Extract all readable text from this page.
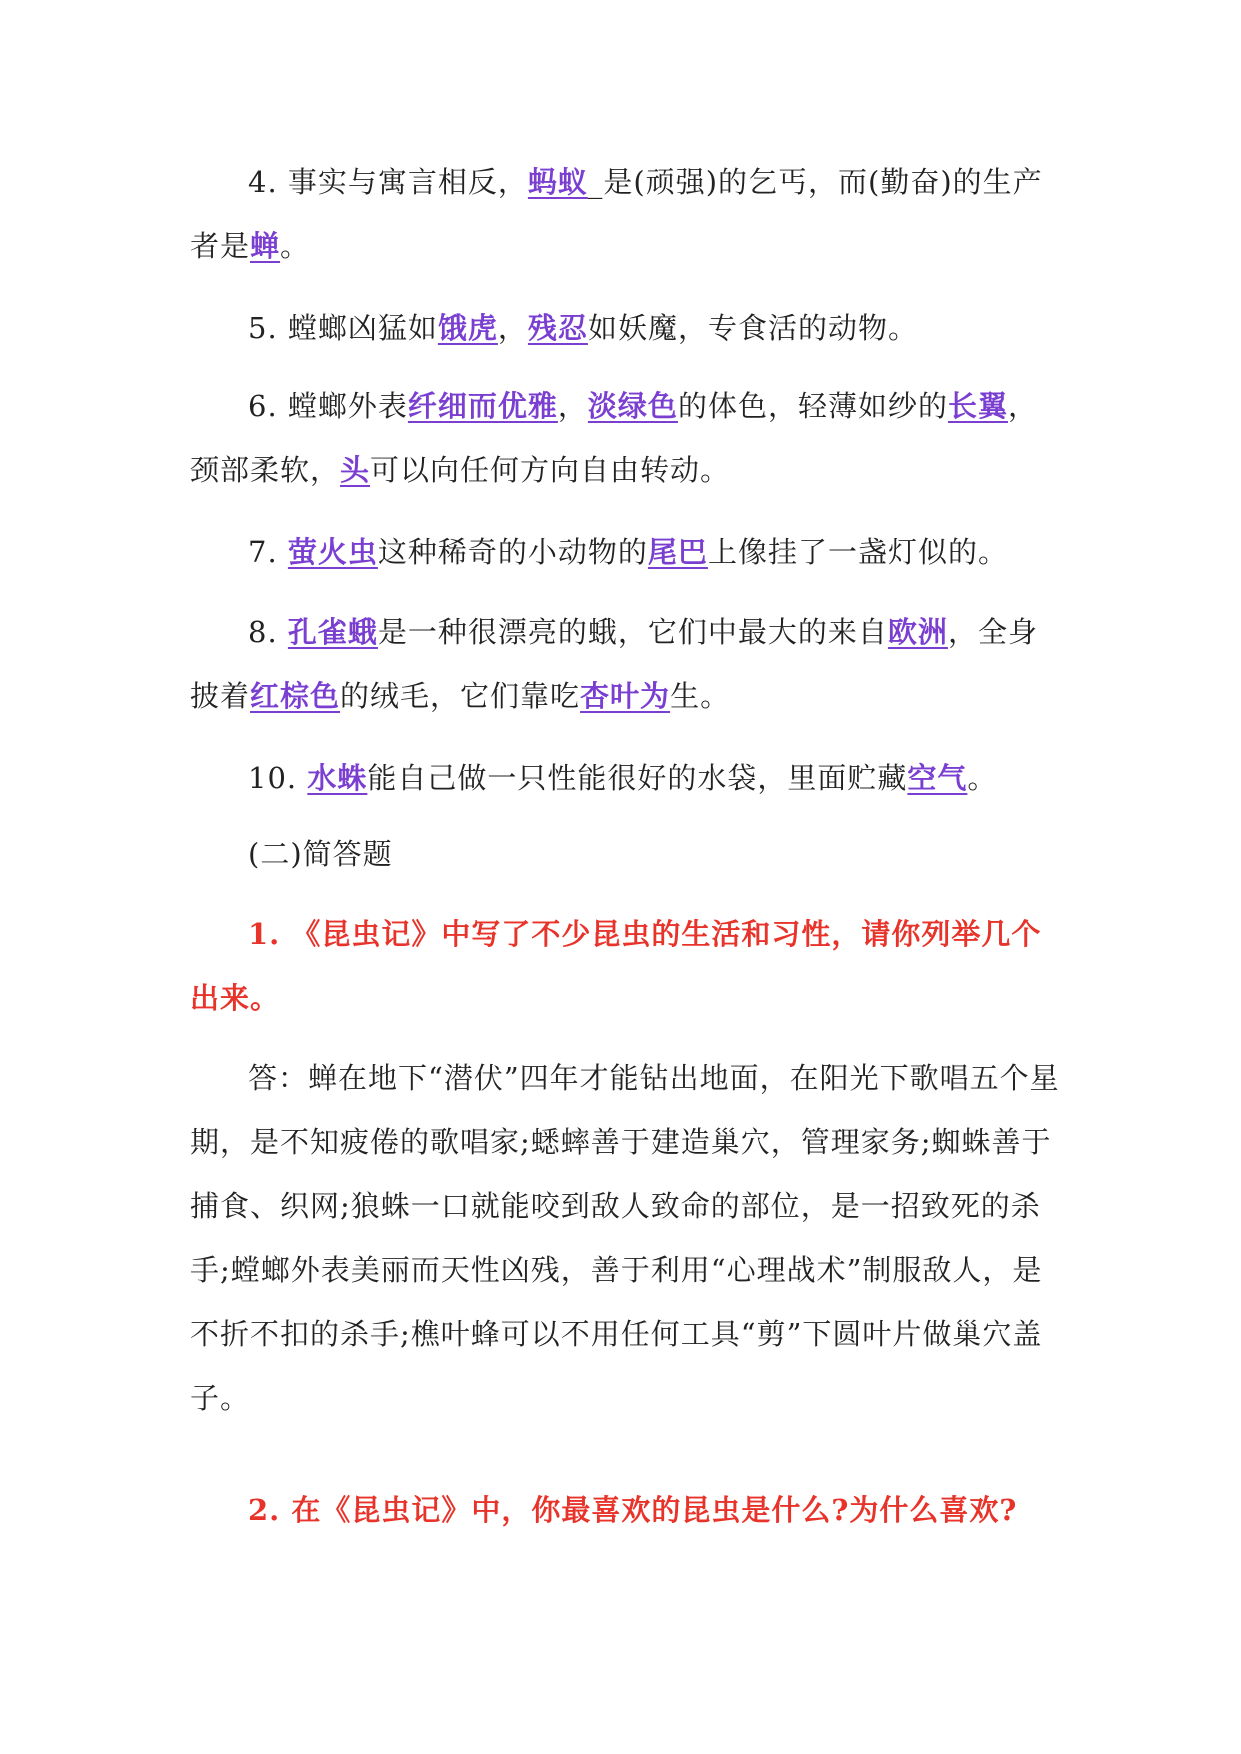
4. 事实与寓言相反，蚂蚁_是(顽强)的乞丐，而(勤奋)的生产者是蝉。

5. 螳螂凶猛如饿虎，残忍如妖魔，专食活的动物。

6. 螳螂外表纤细而优雅，淡绿色的体色，轻薄如纱的长翼，颈部柔软，头可以向任何方向自由转动。

7. 萤火虫这种稀奇的小动物的尾巴上像挂了一盏灯似的。

8. 孔雀蛾是一种很漂亮的蛾，它们中最大的来自欧洲，全身披着红棕色的绒毛，它们靠吃杏叶为生。

10. 水蛛能自己做一只性能很好的水袋，里面贮藏空气。

(二)简答题

1. 《昆虫记》中写了不少昆虫的生活和习性，请你列举几个出来。

答：蝉在地下“潜伏”四年才能钻出地面，在阳光下歌唱五个星期，是不知疲倦的歌唱家;蟋蟀善于建造巢穴，管理家务;蜘蛛善于捕食、织网;狼蛛一口就能咬到敌人致命的部位，是一招致死的杀手;螳螂外表美丽而天性凶残，善于利用“心理战术”制服敌人，是不折不扣的杀手;樵叶蜂可以不用任何工具“剪”下圆叶片做巢穴盖子。

2. 在《昆虫记》中，你最喜欢的昆虫是什么?为什么喜欢?
